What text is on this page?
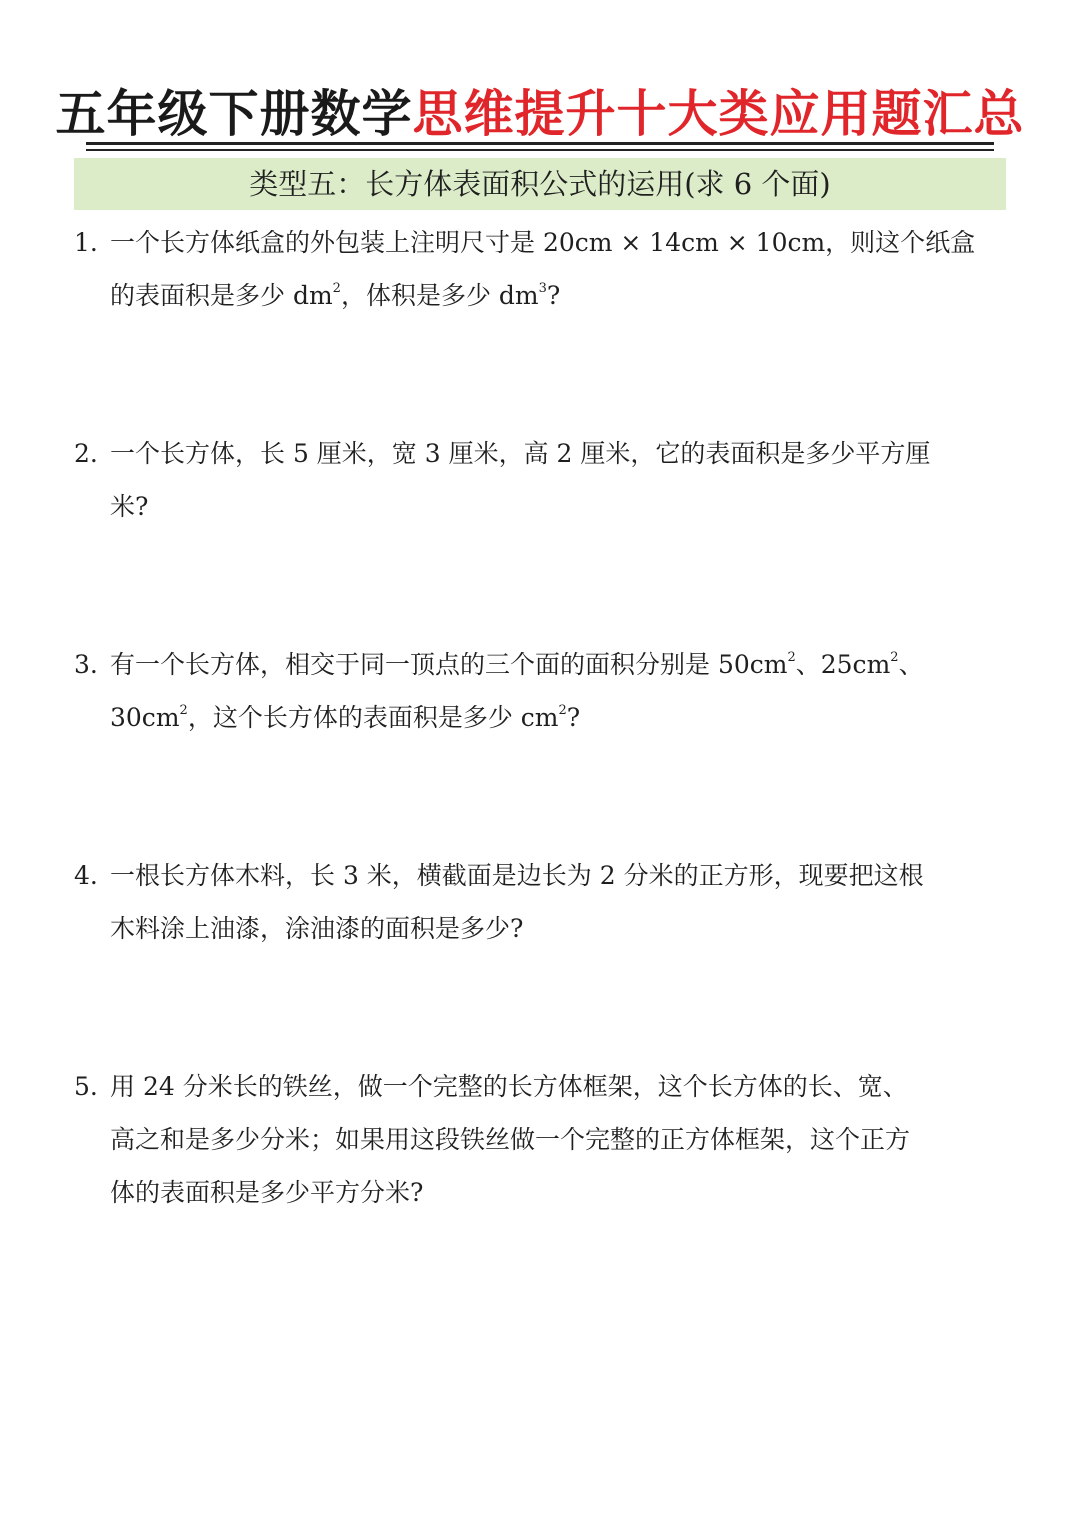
五年级下册数学思维提升十大类应用题汇总
类型五：长方体表面积公式的运用(求 6 个面)
1. 一个长方体纸盒的外包装上注明尺寸是 20cm × 14cm × 10cm，则这个纸盒
的表面积是多少 $dm^2$，体积是多少 $dm^3$?
2. 一个长方体，长 5 厘米，宽 3 厘米，高 2 厘米，它的表面积是多少平方厘
米?
3. 有一个长方体，相交于同一顶点的三个面的面积分别是 $50cm^2$、$25cm^2$、
$30cm^2$，这个长方体的表面积是多少 $cm^2$?
4. 一根长方体木料，长 3 米，横截面是边长为 2 分米的正方形，现要把这根
木料涂上油漆，涂油漆的面积是多少?
5. 用 24 分米长的铁丝，做一个完整的长方体框架，这个长方体的长、宽、
高之和是多少分米；如果用这段铁丝做一个完整的正方体框架，这个正方
体的表面积是多少平方分米?
